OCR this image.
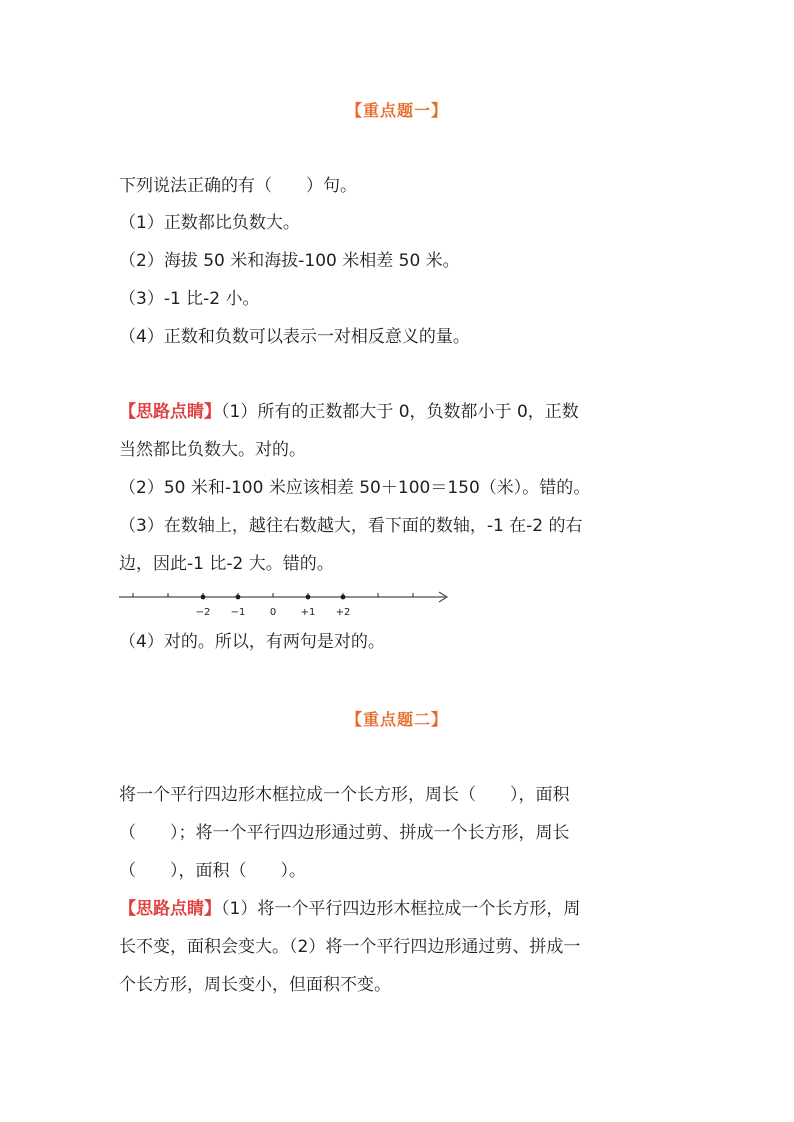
【重点题一】
下列说法正确的有（　　）句。
（1）正数都比负数大。
（2）海拔 50 米和海拔-100 米相差 50 米。
（3）-1 比-2 小。
（4）正数和负数可以表示一对相反意义的量。
【思路点睛】（1）所有的正数都大于 0，负数都小于 0，正数
当然都比负数大。对的。
（2）50 米和-100 米应该相差 50＋100＝150（米）。错的。
（3）在数轴上，越往右数越大，看下面的数轴，-1 在-2 的右
边，因此-1 比-2 大。错的。
−2 −1 0 +1 +2
（4）对的。所以，有两句是对的。
【重点题二】
将一个平行四边形木框拉成一个长方形，周长（　　），面积
（　　）；将一个平行四边形通过剪、拼成一个长方形，周长
（　　），面积（　　）。
【思路点睛】（1）将一个平行四边形木框拉成一个长方形，周
长不变，面积会变大。（2）将一个平行四边形通过剪、拼成一
个长方形，周长变小，但面积不变。
